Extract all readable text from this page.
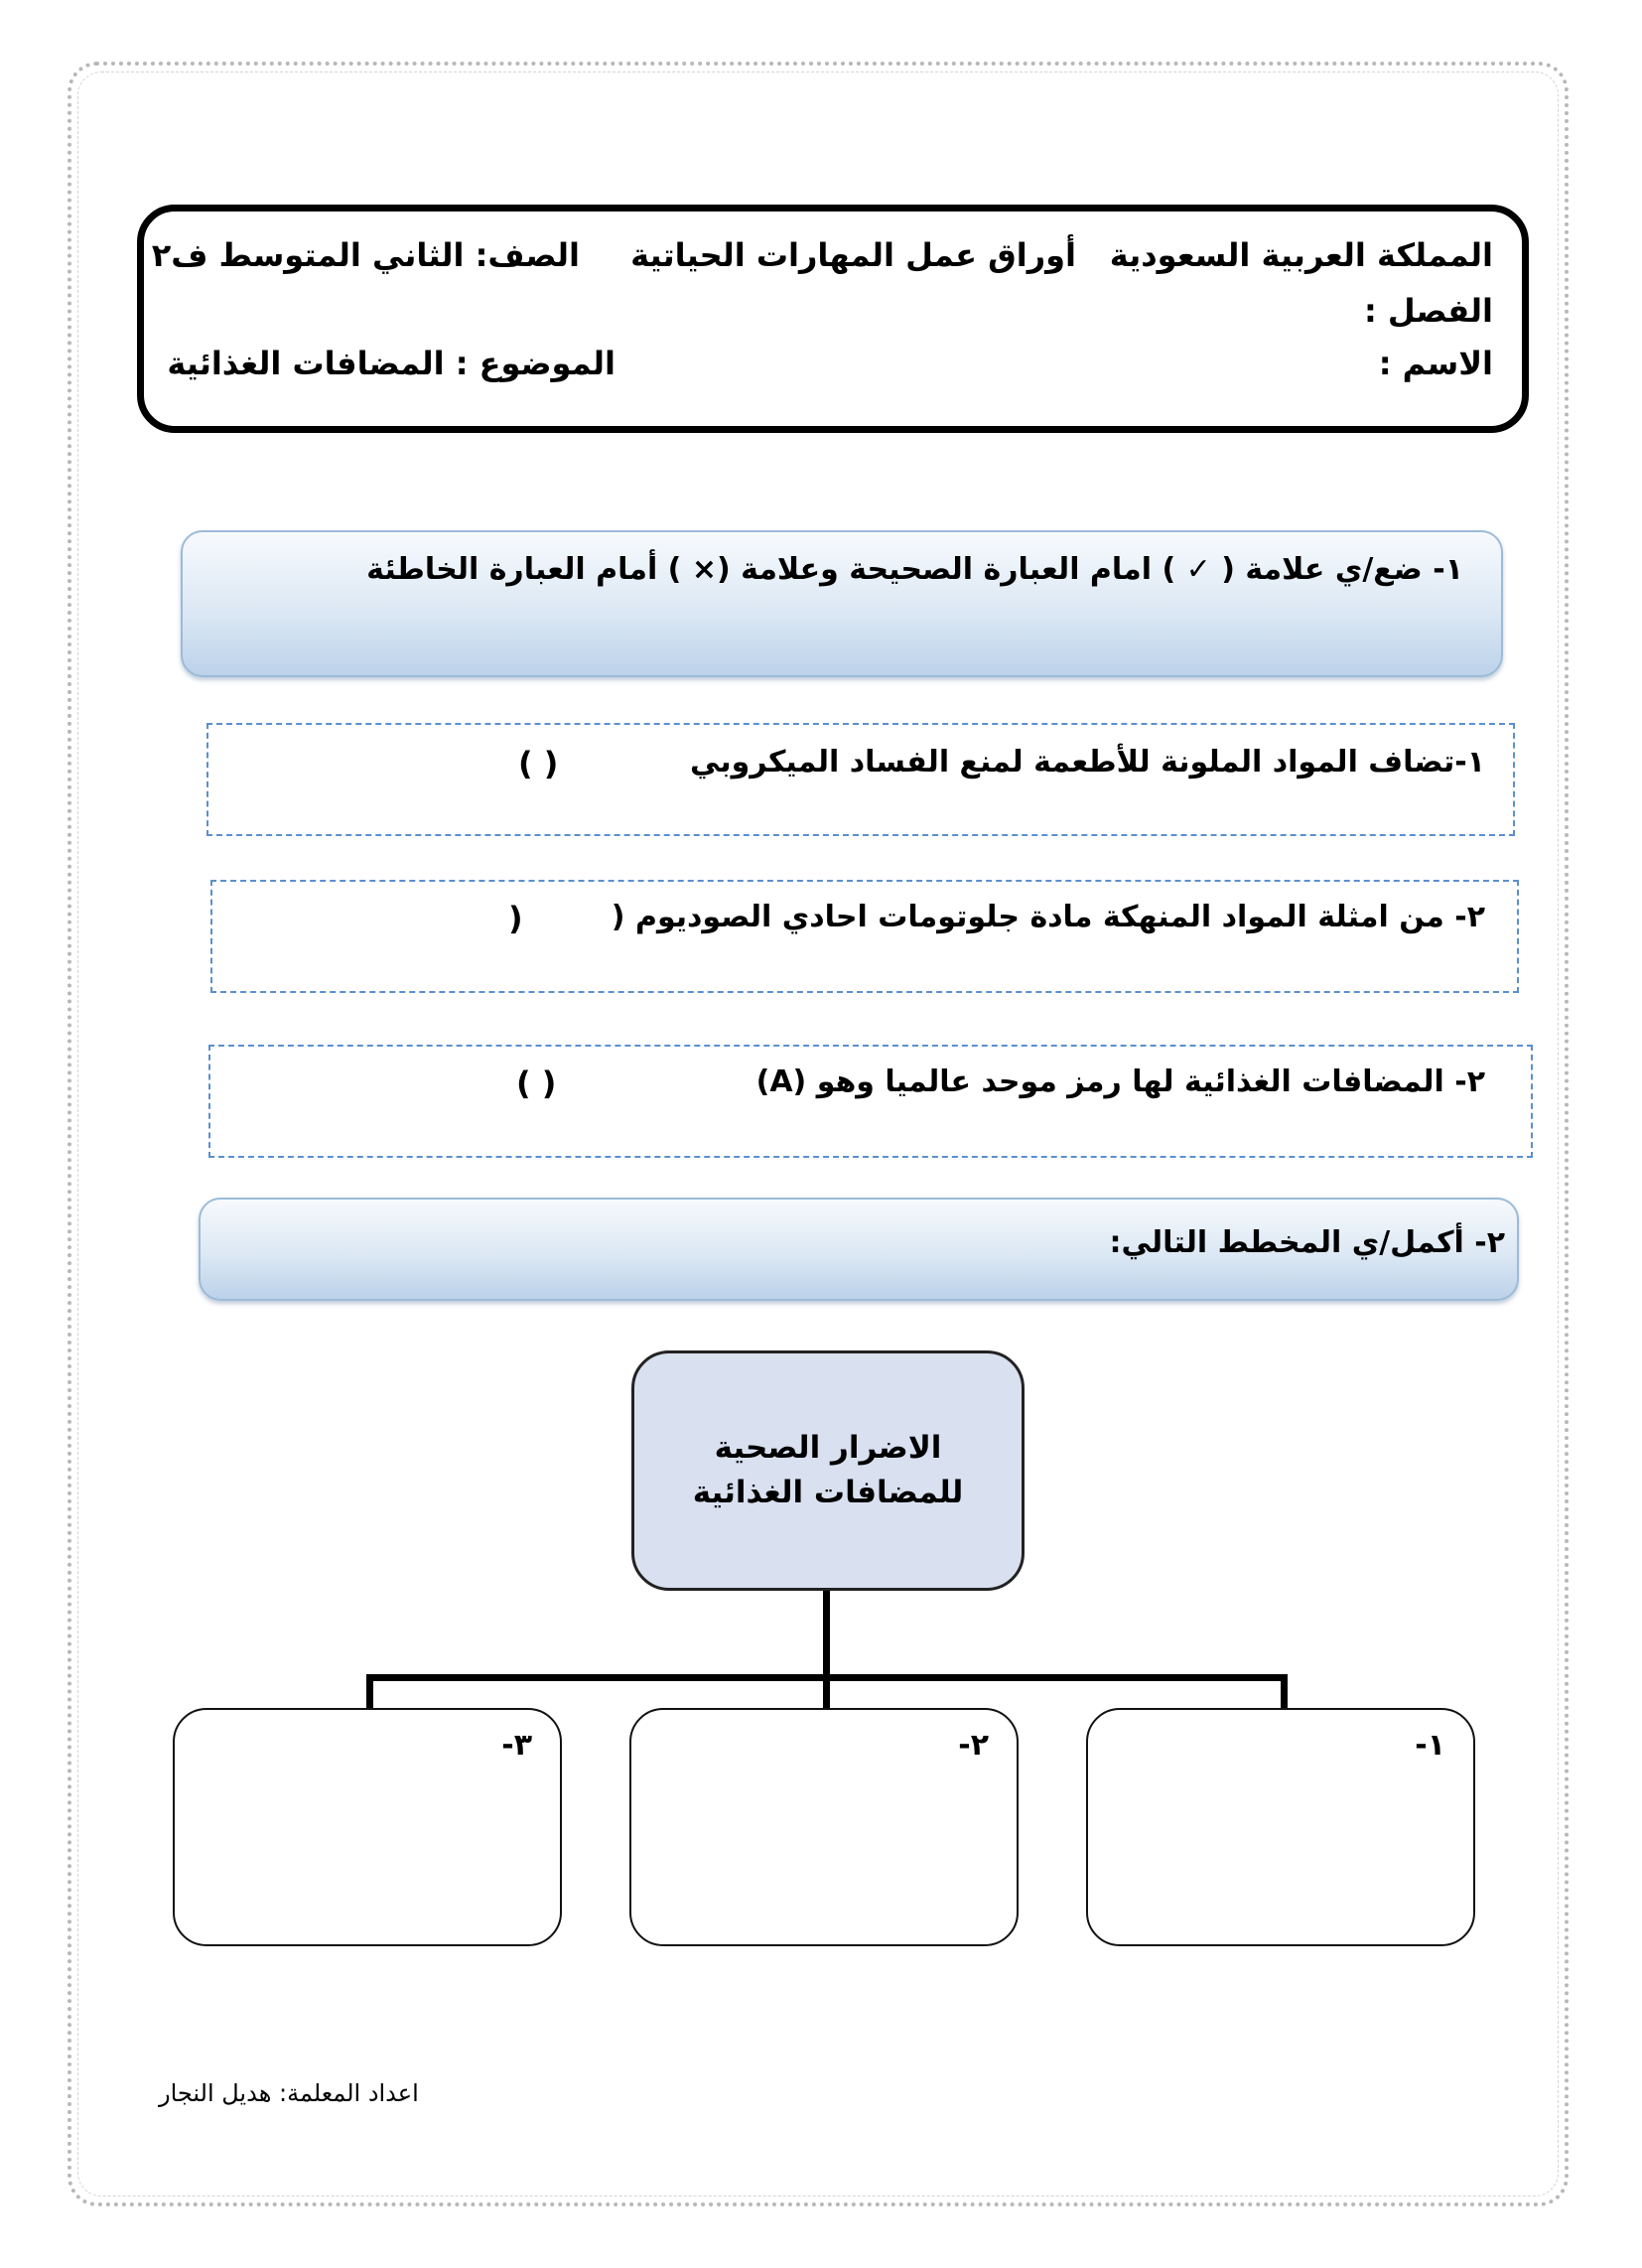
المملكة العربية السعودية
أوراق عمل المهارات الحياتية
الصف: الثاني المتوسط ف٢
الفصل :
الاسم :
الموضوع : المضافات الغذائية
١- ضع/ي علامة ( ✓ ) امام العبارة الصحيحة وعلامة (× ) أمام العبارة الخاطئة
١-تضاف المواد الملونة للأطعمة لمنع الفساد الميكروبي
( )
٢- من امثلة المواد المنهكة مادة جلوتومات احادي الصوديوم (
)
٢- المضافات الغذائية لها رمز موحد عالميا وهو (A)
( )
٢- أكمل/ي المخطط التالي:
الاضرار الصحية
للمضافات الغذائية
١-
٢-
٣-
اعداد المعلمة: هديل النجار
